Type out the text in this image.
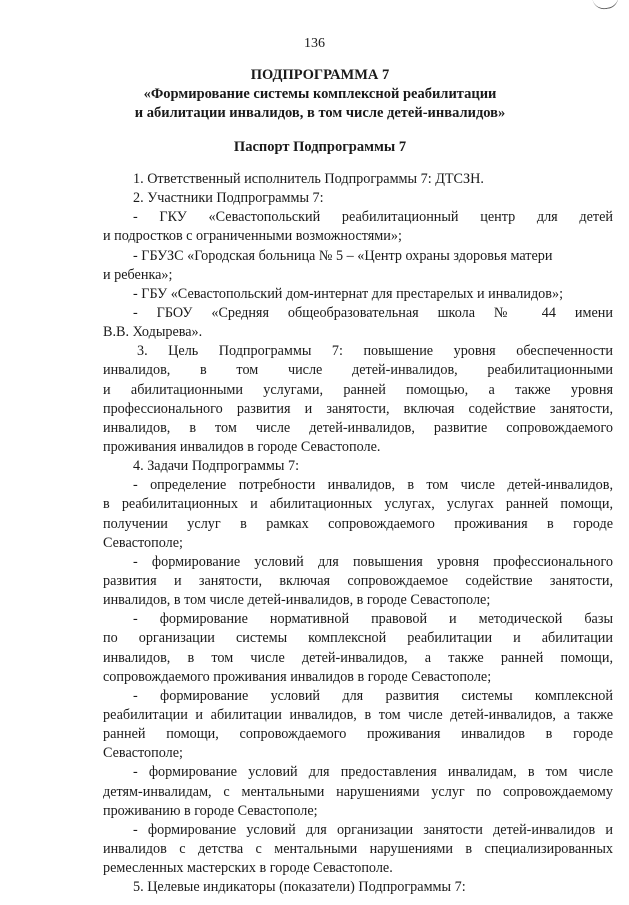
136
ПОДПРОГРАММА 7
«Формирование системы комплексной реабилитации
и абилитации инвалидов, в том числе детей-инвалидов»
Паспорт Подпрограммы 7
1. Ответственный исполнитель Подпрограммы 7: ДТСЗН.
2. Участники Подпрограммы 7:
- ГКУ «Севастопольский реабилитационный центр для детей
и подростков с ограниченными возможностями»;
- ГБУЗС «Городская больница № 5 – «Центр охраны здоровья матери
и ребенка»;
- ГБУ «Севастопольский дом-интернат для престарелых и инвалидов»;
- ГБОУ «Средняя общеобразовательная школа № 44 имени
В.В. Ходырева».
3. Цель Подпрограммы 7: повышение уровня обеспеченности
инвалидов, в том числе детей-инвалидов, реабилитационными
и абилитационными услугами, ранней помощью, а также уровня
профессионального развития и занятости, включая содействие занятости,
инвалидов, в том числе детей-инвалидов, развитие сопровождаемого
проживания инвалидов в городе Севастополе.
4. Задачи Подпрограммы 7:
- определение потребности инвалидов, в том числе детей-инвалидов,
в реабилитационных и абилитационных услугах, услугах ранней помощи,
получении услуг в рамках сопровождаемого проживания в городе
Севастополе;
- формирование условий для повышения уровня профессионального
развития и занятости, включая сопровождаемое содействие занятости,
инвалидов, в том числе детей-инвалидов, в городе Севастополе;
- формирование нормативной правовой и методической базы
по организации системы комплексной реабилитации и абилитации
инвалидов, в том числе детей-инвалидов, а также ранней помощи,
сопровождаемого проживания инвалидов в городе Севастополе;
- формирование условий для развития системы комплексной
реабилитации и абилитации инвалидов, в том числе детей-инвалидов, а также
ранней помощи, сопровождаемого проживания инвалидов в городе
Севастополе;
- формирование условий для предоставления инвалидам, в том числе
детям-инвалидам, с ментальными нарушениями услуг по сопровождаемому
проживанию в городе Севастополе;
- формирование условий для организации занятости детей-инвалидов и
инвалидов с детства с ментальными нарушениями в специализированных
ремесленных мастерских в городе Севастополе.
5. Целевые индикаторы (показатели) Подпрограммы 7:
